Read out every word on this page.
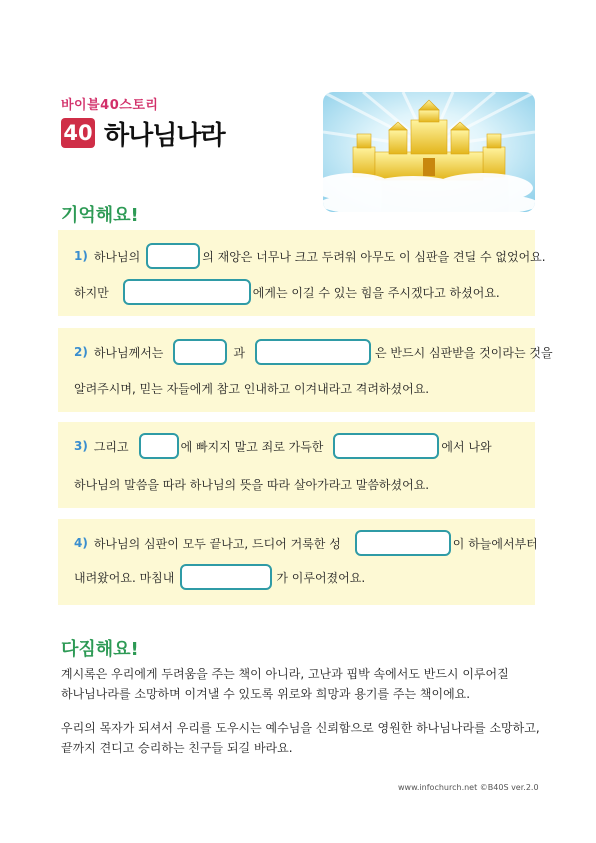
바이블40스토리
40 하나님나라
기억해요!
1) 하나님의	의 재앙은 너무나 크고 두려워 아무도 이 심판을 견딜 수 없었어요.
하지만	에게는 이길 수 있는 힘을 주시겠다고 하셨어요.
2) 하나님께서는	과	은 반드시 심판받을 것이라는 것을
알려주시며, 믿는 자들에게 참고 인내하고 이겨내라고 격려하셨어요.
3) 그리고	에 빠지지 말고 죄로 가득한	에서 나와
하나님의 말씀을 따라 하나님의 뜻을 따라 살아가라고 말씀하셨어요.
4) 하나님의 심판이 모두 끝나고, 드디어 거룩한 성	이 하늘에서부터
내려왔어요. 마침내	가 이루어졌어요.
다짐해요!
계시록은 우리에게 두려움을 주는 책이 아니라, 고난과 핍박 속에서도 반드시 이루어질
하나님나라를 소망하며 이겨낼 수 있도록 위로와 희망과 용기를 주는 책이에요.
우리의 목자가 되셔서 우리를 도우시는 예수님을 신뢰함으로 영원한 하나님나라를 소망하고,
끝까지 견디고 승리하는 친구들 되길 바라요.
www.infochurch.net ©B40S ver.2.0
